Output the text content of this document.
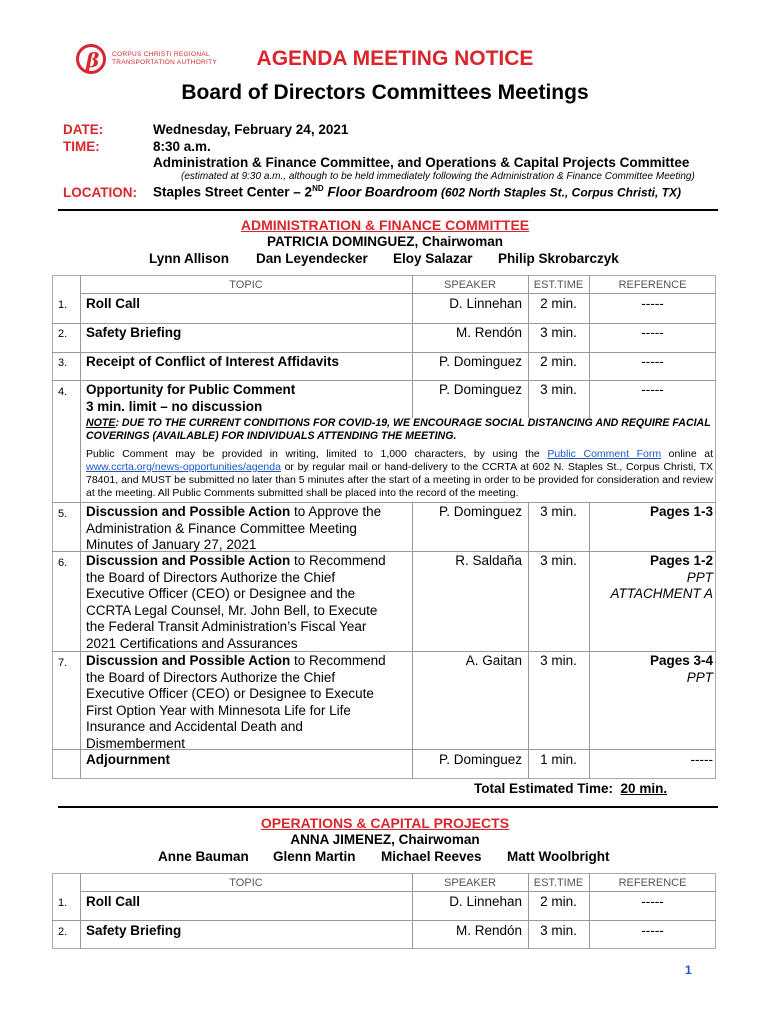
β CORPUS CHRISTI REGIONAL
TRANSPORTATION AUTHORITY	AGENDA MEETING NOTICE
Board of Directors Committees Meetings
DATE:
TIME:
Wednesday, February 24, 2021
8:30 a.m.
Administration & Finance Committee, and Operations & Capital Projects Committee
(estimated at 9:30 a.m., although to be held immediately following the Administration & Finance Committee Meeting)
LOCATION: Staples Street Center – 2ND Floor Boardroom (602 North Staples St., Corpus Christi, TX)
ADMINISTRATION & FINANCE COMMITTEE
PATRICIA DOMINGUEZ, Chairwoman
Lynn Allison Dan Leyendecker Eloy Salazar Philip Skrobarczyk
TOPIC	SPEAKER	EST.TIME	REFERENCE
1. Roll Call	D. Linnehan	2 min.	-----
2. Safety Briefing	M. Rendón	3 min.	-----
3. Receipt of Conflict of Interest Affidavits	P. Dominguez	2 min.	-----
4. Opportunity for Public Comment
3 min. limit – no discussion
P. Dominguez	3 min.	-----
NOTE: DUE TO THE CURRENT CONDITIONS FOR COVID-19, WE ENCOURAGE SOCIAL DISTANCING AND REQUIRE FACIAL COVERINGS (AVAILABLE) FOR INDIVIDUALS ATTENDING THE MEETING.
Public Comment may be provided in writing, limited to 1,000 characters, by using the Public Comment Form online at www.ccrta.org/news-opportunities/agenda or by regular mail or hand-delivery to the CCRTA at 602 N. Staples St., Corpus Christi, TX 78401, and MUST be submitted no later than 5 minutes after the start of a meeting in order to be provided for consideration and review at the meeting. All Public Comments submitted shall be placed into the record of the meeting.
5. Discussion and Possible Action to Approve the
Administration & Finance Committee Meeting
Minutes of January 27, 2021
P. Dominguez	3 min.	Pages 1-3
6. Discussion and Possible Action to Recommend
the Board of Directors Authorize the Chief
Executive Officer (CEO) or Designee and the
CCRTA Legal Counsel, Mr. John Bell, to Execute
the Federal Transit Administration’s Fiscal Year
2021 Certifications and Assurances
R. Saldaña	3 min.	Pages 1-2
PPT
ATTACHMENT A
7. Discussion and Possible Action to Recommend
the Board of Directors Authorize the Chief
Executive Officer (CEO) or Designee to Execute
First Option Year with Minnesota Life for Life
Insurance and Accidental Death and
Dismemberment
A. Gaitan	3 min.	Pages 3-4
PPT
Adjournment	P. Dominguez	1 min.	-----
Total Estimated Time: 20 min.
OPERATIONS & CAPITAL PROJECTS
ANNA JIMENEZ, Chairwoman
Anne Bauman Glenn Martin Michael Reeves Matt Woolbright
TOPIC	SPEAKER	EST.TIME	REFERENCE
1. Roll Call	D. Linnehan	2 min.	-----
2. Safety Briefing	M. Rendón	3 min.	-----
1
